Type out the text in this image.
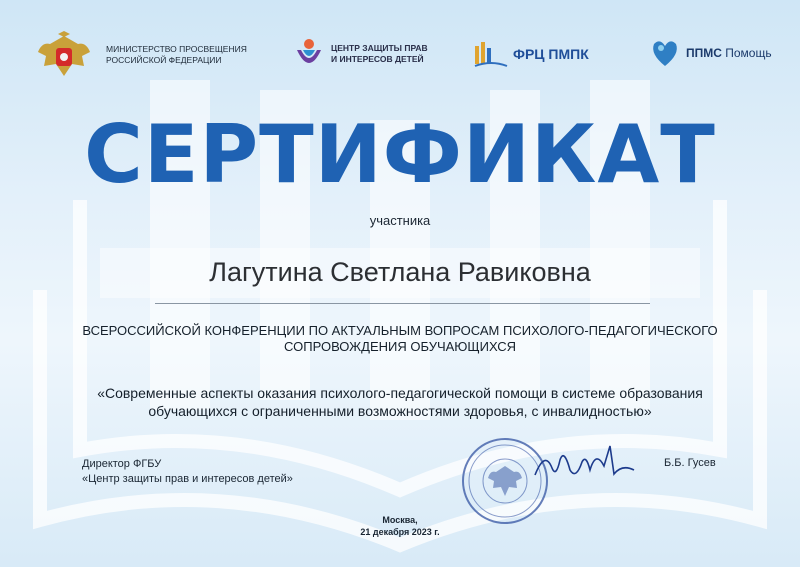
МИНИСТЕРСТВО ПРОСВЕЩЕНИЯ
РОССИЙСКОЙ ФЕДЕРАЦИИ
ЦЕНТР ЗАЩИТЫ ПРАВ
И ИНТЕРЕСОВ ДЕТЕЙ	ФРЦ ПМПК	ППМС Помощь
СЕРТИФИКАТ
участника
Лагутина Светлана Равиковна
ВСЕРОССИЙСКОЙ КОНФЕРЕНЦИИ ПО АКТУАЛЬНЫМ ВОПРОСАМ ПСИХОЛОГО-ПЕДАГОГИЧЕСКОГО
СОПРОВОЖДЕНИЯ ОБУЧАЮЩИХСЯ
«Современные аспекты оказания психолого-педагогической помощи в системе образования
обучающихся с ограниченными возможностями здоровья, с инвалидностью»
Директор ФГБУ
«Центр защиты прав и интересов детей»
Б.Б. Гусев
Москва,
21 декабря 2023 г.
